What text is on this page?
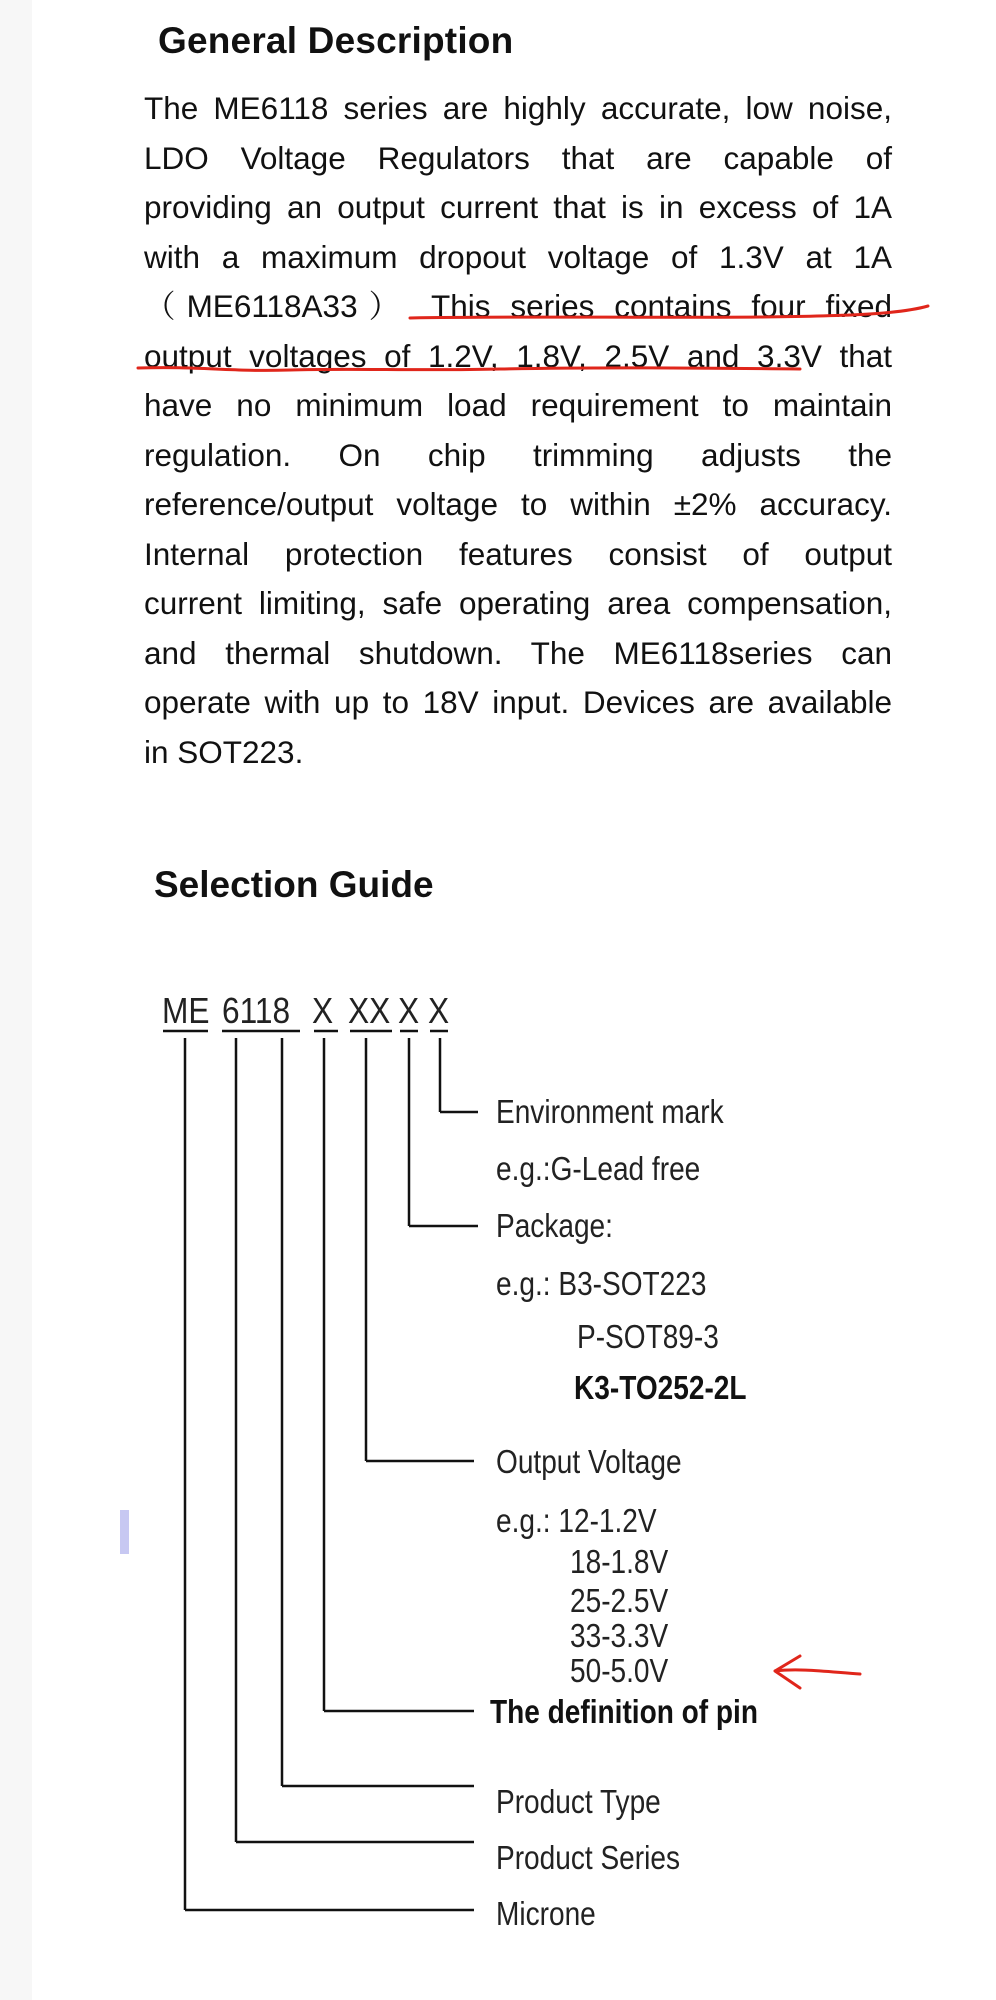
General Description
The ME6118 series are highly accurate, low noise,
LDO Voltage Regulators that are capable of
providing an output current that is in excess of 1A
with a maximum dropout voltage of 1.3V at 1A
（ME6118A33） This series contains four fixed
output voltages of 1.2V, 1.8V, 2.5V and 3.3V that
have no minimum load requirement to maintain
regulation. On chip trimming adjusts the
reference/output voltage to within ±2% accuracy.
Internal protection features consist of output
current limiting, safe operating area compensation,
and thermal shutdown. The ME6118series can
operate with up to 18V input. Devices are available
in SOT223.
Selection Guide
ME 6118 X XX X X
Environment mark
e.g.:G-Lead free
Package:
e.g.: B3-SOT223
P-SOT89-3
K3-TO252-2L
Output Voltage
e.g.: 12-1.2V
18-1.8V
25-2.5V
33-3.3V
50-5.0V
The definition of pin
Product Type
Product Series
Microne
